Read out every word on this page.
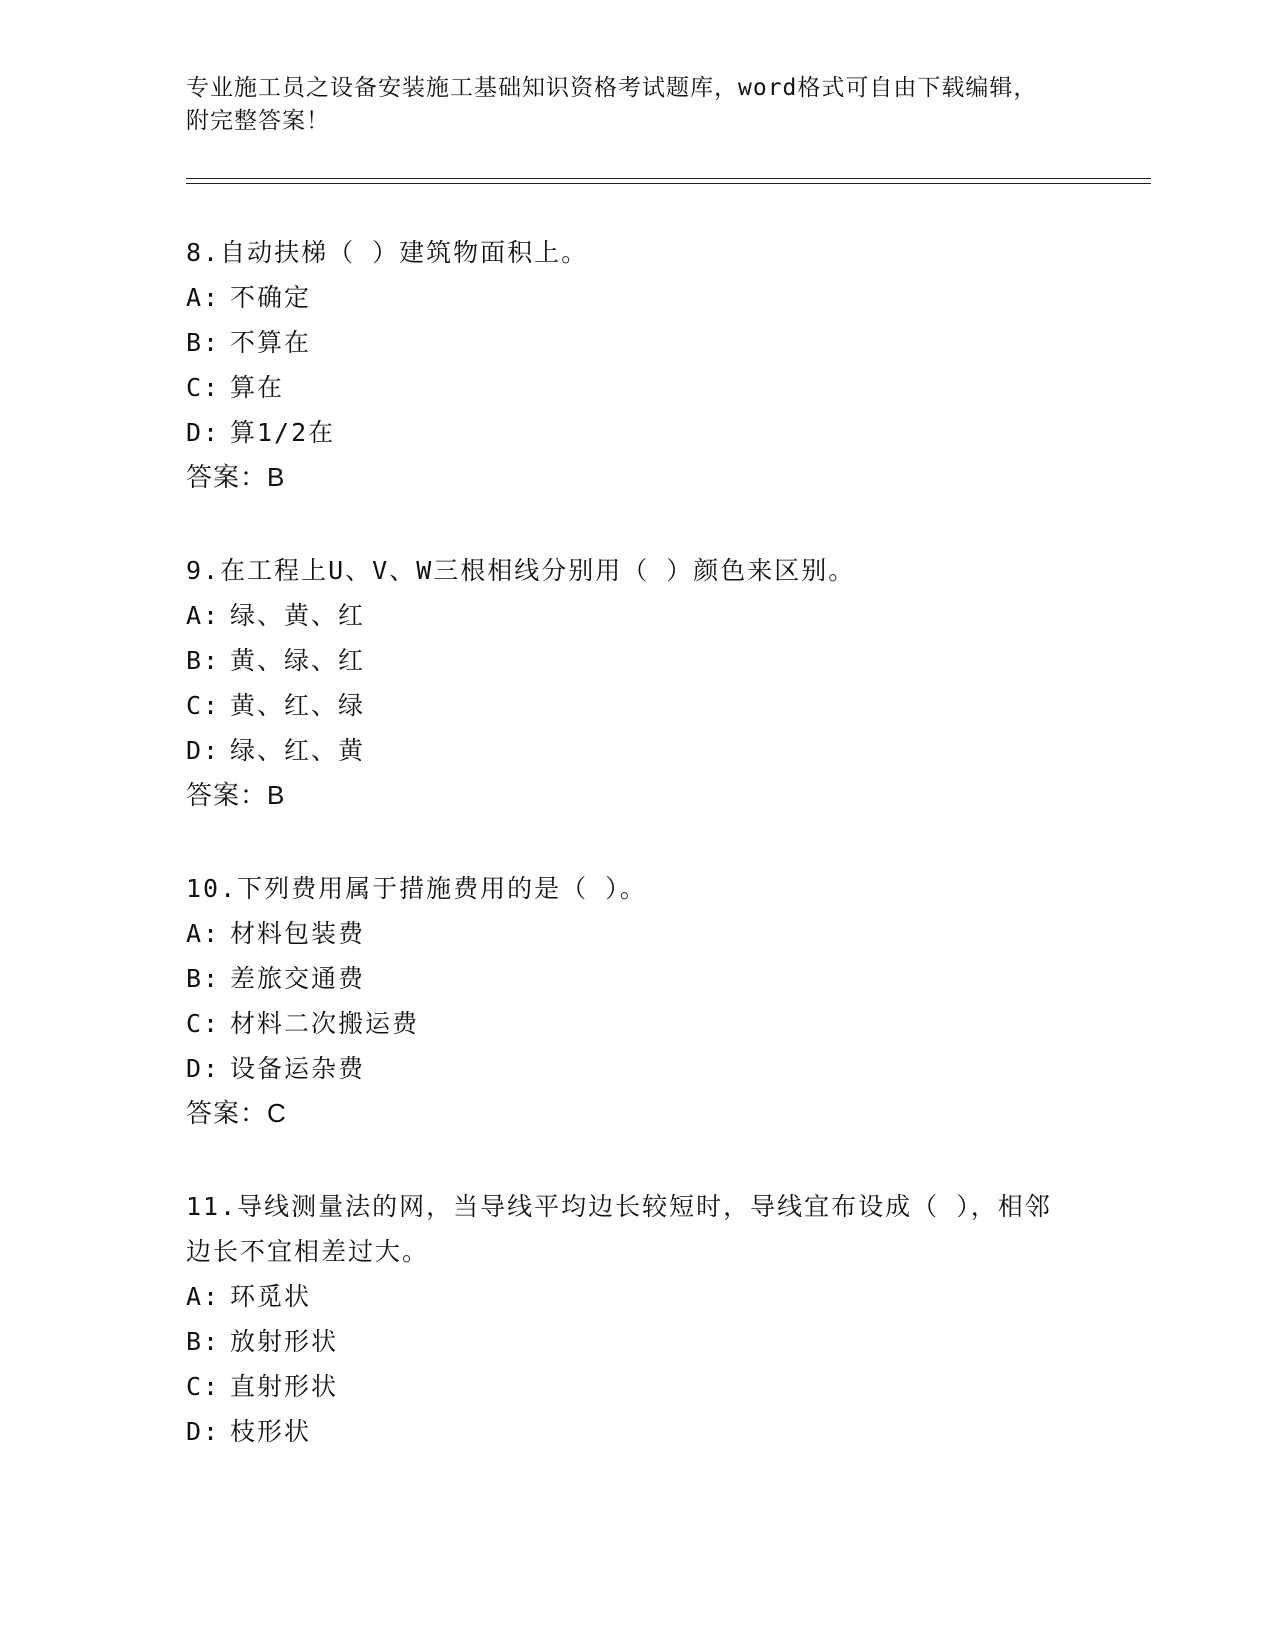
专业施工员之设备安装施工基础知识资格考试题库，word格式可自由下载编辑，
附完整答案！

8.自动扶梯（ ）建筑物面积上。

A: 不确定

B: 不算在

C: 算在

D: 算1/2在

答案：B

9.在工程上U、V、W三根相线分别用（ ）颜色来区别。

A: 绿、黄、红

B: 黄、绿、红

C: 黄、红、绿

D: 绿、红、黄

答案：B

10.下列费用属于措施费用的是（ ）。

A: 材料包装费

B: 差旅交通费

C: 材料二次搬运费

D: 设备运杂费

答案：C

11.导线测量法的网，当导线平均边长较短时，导线宜布设成（ ），相邻边长不宜相差过大。

A: 环觅状

B: 放射形状

C: 直射形状

D: 枝形状
